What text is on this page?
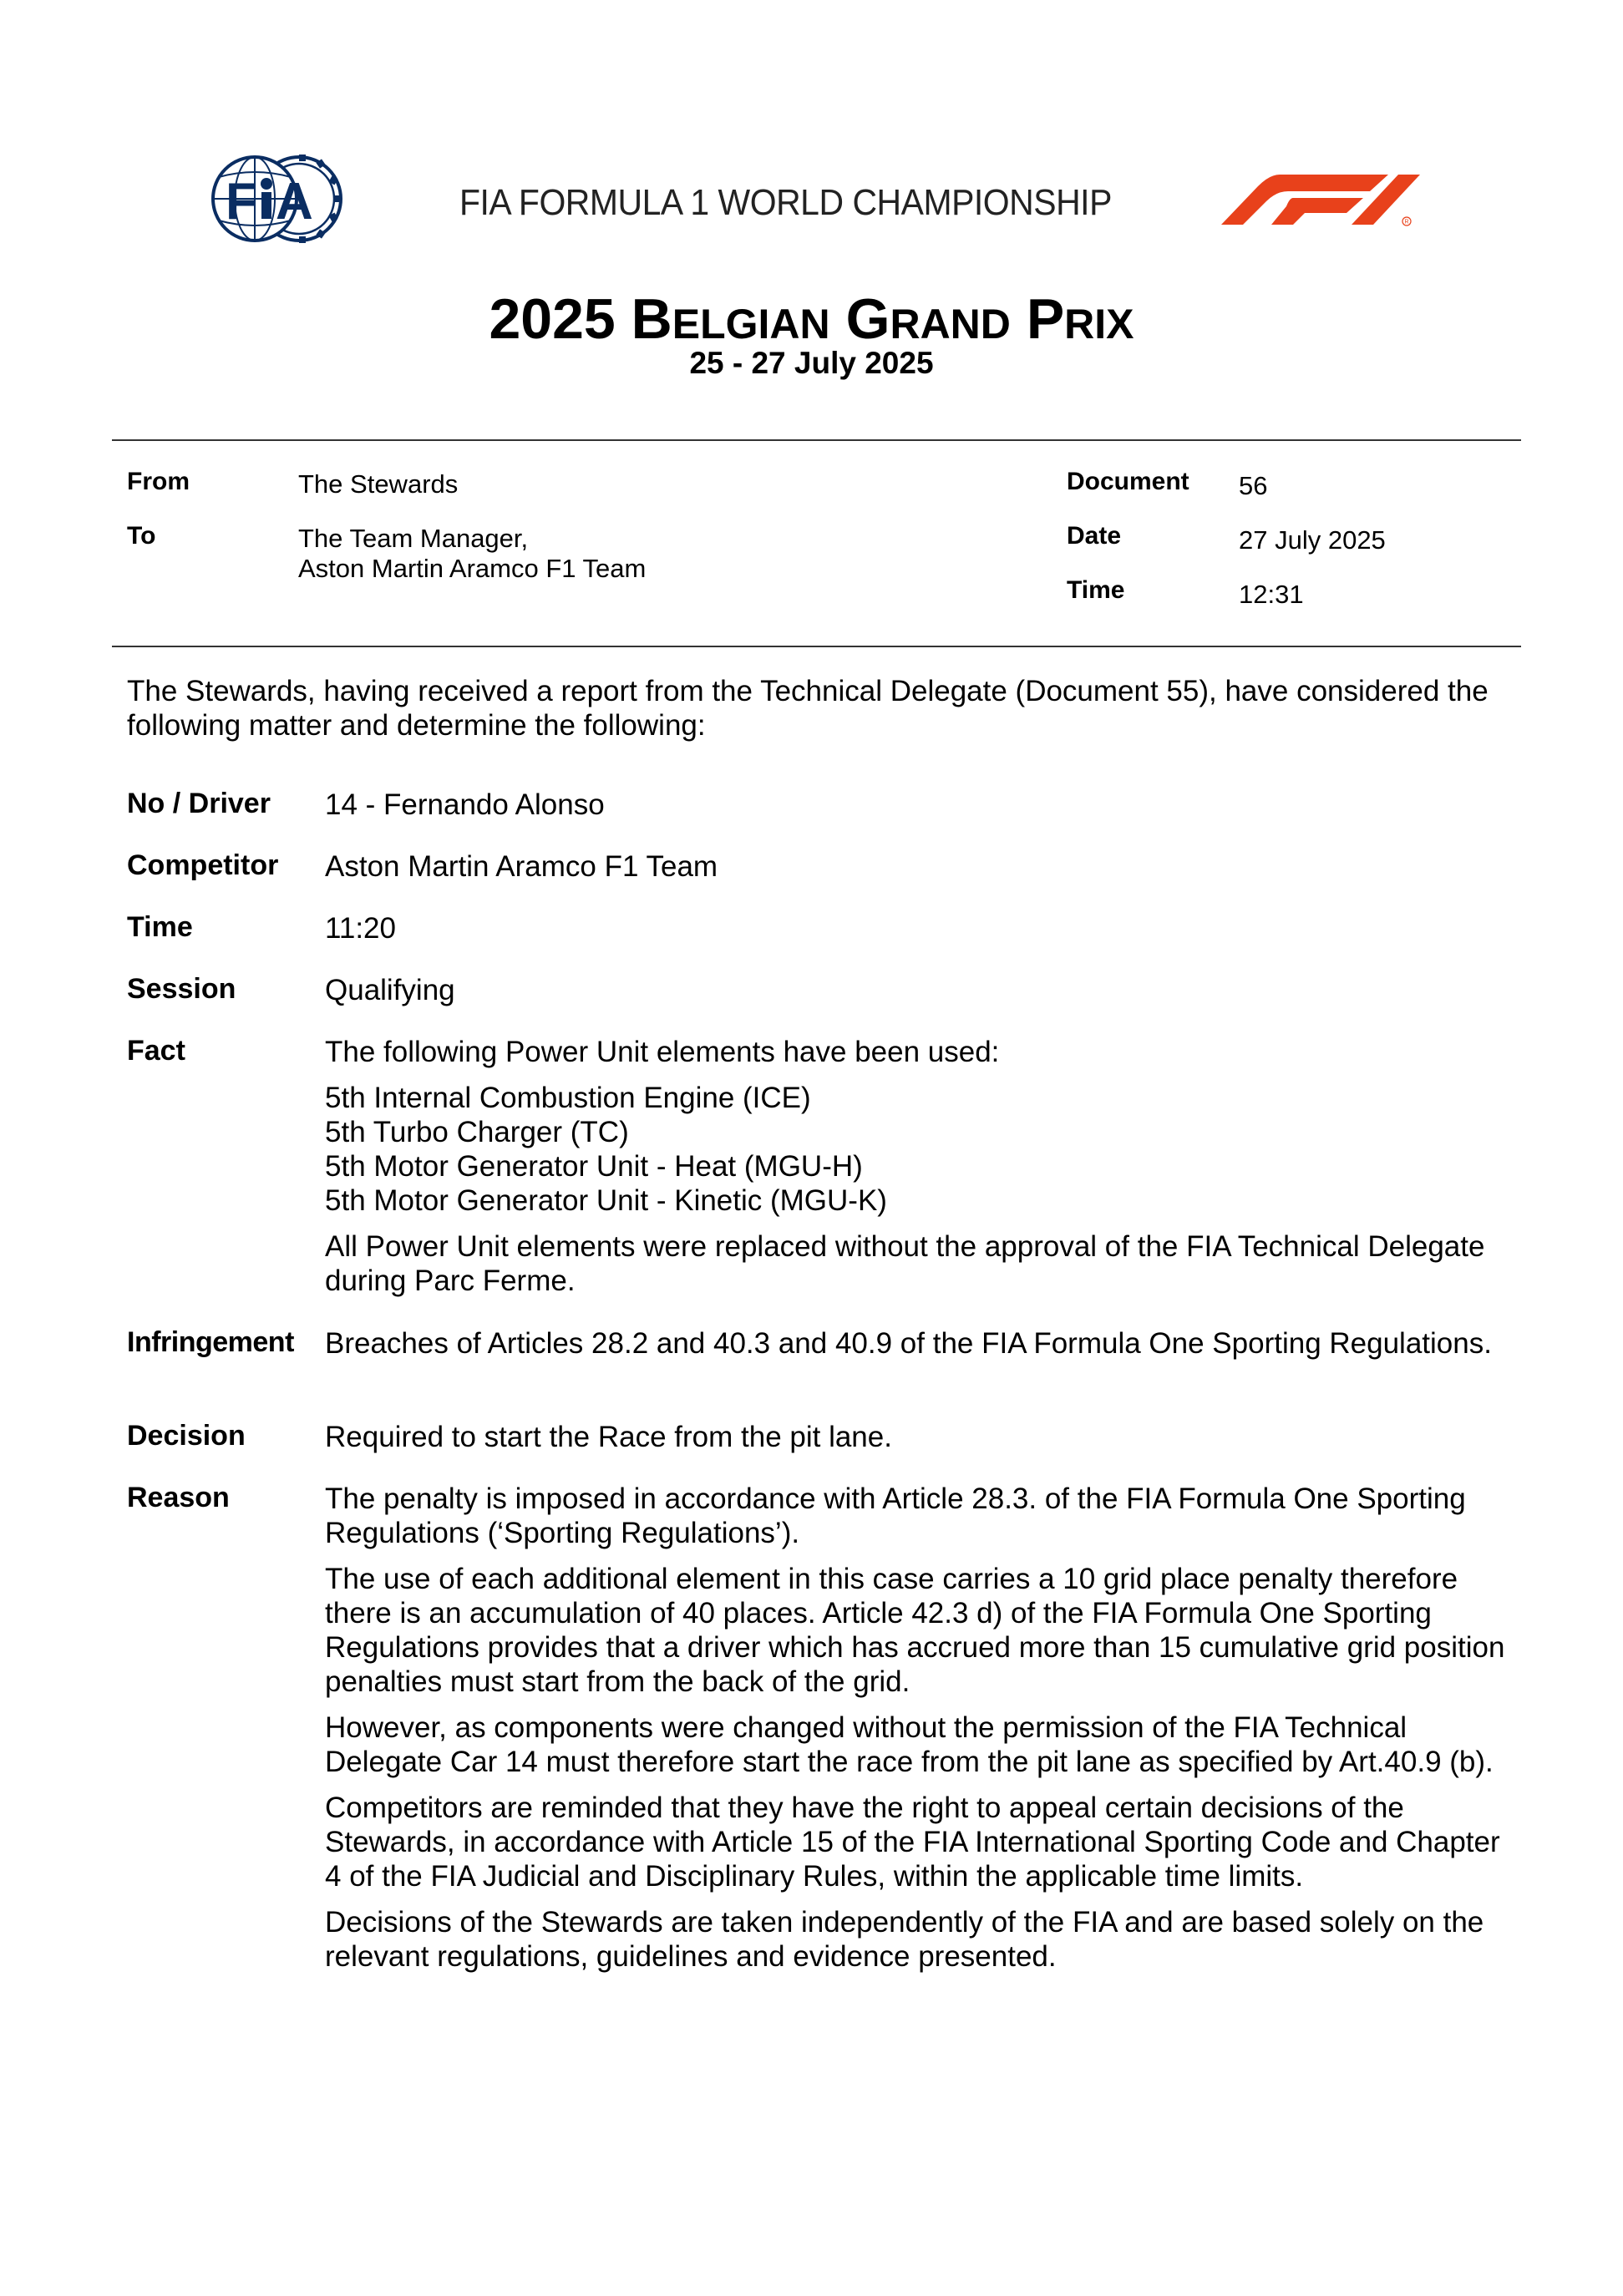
F A	FIA FORMULA 1 WORLD CHAMPIONSHIP	R
2025 BELGIAN GRAND PRIX
25 - 27 July 2025
From	The Stewards
To	The Team Manager,
Aston Martin Aramco F1 Team
Document 56
Date	27 July 2025
Time	12:31
The Stewards, having received a report from the Technical Delegate (Document 55), have considered the following matter and determine the following:
No / Driver 14 - Fernando Alonso
Competitor Aston Martin Aramco F1 Team
Time	11:20
Session	Qualifying
Fact	The following Power Unit elements have been used:

5th Internal Combustion Engine (ICE)
5th Turbo Charger (TC)
5th Motor Generator Unit - Heat (MGU-H)
5th Motor Generator Unit - Kinetic (MGU-K)

All Power Unit elements were replaced without the approval of the FIA Technical Delegate during Parc Ferme.

Infringement Breaches of Articles 28.2 and 40.3 and 40.9 of the FIA Formula One Sporting Regulations.
Decision	Required to start the Race from the pit lane.
Reason	The penalty is imposed in accordance with Article 28.3. of the FIA Formula One Sporting Regulations (‘Sporting Regulations’).

The use of each additional element in this case carries a 10 grid place penalty therefore there is an accumulation of 40 places. Article 42.3 d) of the FIA Formula One Sporting Regulations provides that a driver which has accrued more than 15 cumulative grid position penalties must start from the back of the grid.

However, as components were changed without the permission of the FIA Technical Delegate Car 14 must therefore start the race from the pit lane as specified by Art.40.9 (b).

Competitors are reminded that they have the right to appeal certain decisions of the Stewards, in accordance with Article 15 of the FIA International Sporting Code and Chapter 4 of the FIA Judicial and Disciplinary Rules, within the applicable time limits.

Decisions of the Stewards are taken independently of the FIA and are based solely on the relevant regulations, guidelines and evidence presented.
